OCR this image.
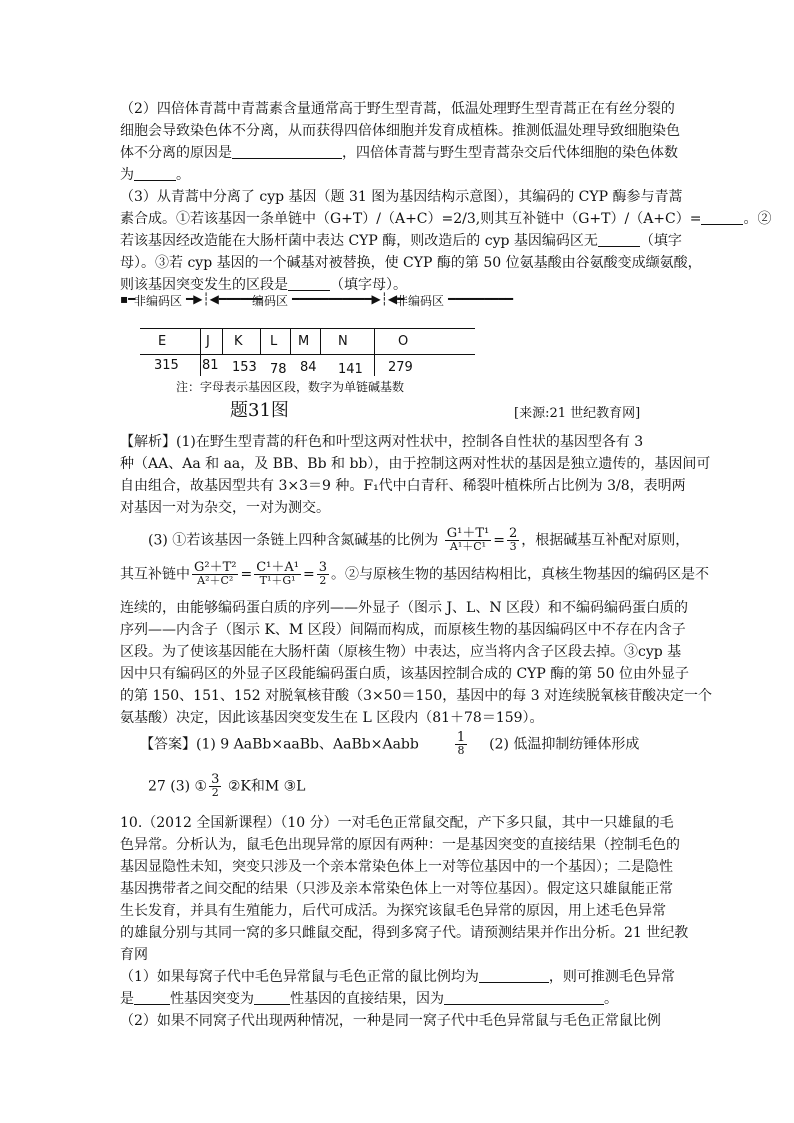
（2）四倍体青蒿中青蒿素含量通常高于野生型青蒿，低温处理野生型青蒿正在有丝分裂的
细胞会导致染色体不分离，从而获得四倍体细胞并发育成植株。推测低温处理导致细胞染色
体不分离的原因是	，四倍体青蒿与野生型青蒿杂交后代体细胞的染色体数
为	。
（3）从青蒿中分离了 cyp 基因（题 31 图为基因结构示意图），其编码的 CYP 酶参与青蒿
素合成。①若该基因一条单链中（G+T）/（A+C）=2/3,则其互补链中（G+T）/（A+C）=	。②
若该基因经改造能在大肠杆菌中表达 CYP 酶，则改造后的 cyp 基因编码区无	（填字
母）。③若 cyp 基因的一个碱基对被替换，使 CYP 酶的第 50 位氨基酸由谷氨酸变成缬氨酸，
则该基因突变发生的区段是	（填字母）。
▪━
非编码区 ━▶┆◀━━━━━━
编码区 ━━━━━━━━━━━▶┆◀━
非编码区 ━━━━━━━━━
E	J K L M N	O
315 81 153 78 84 141 279
注：字母表示基因区段，数字为单链碱基数
题31图	[来源:21 世纪教育网]
【解析】(1)在野生型青蒿的秆色和叶型这两对性状中，控制各自性状的基因型各有 3
种（AA、Aa 和 aa，及 BB、Bb 和 bb），由于控制这两对性状的基因是独立遗传的，基因间可
自由组合，故基因型共有 3×3＝9 种。F₁代中白青秆、稀裂叶植株所占比例为 3/8，表明两
对基因一对为杂交，一对为测交。
(3) ①若该基因一条链上四种含氮碱基的比例为 $\frac{\text{G¹＋T¹}}{\text{A¹＋C¹}} = \frac{2}{3}$ ，根据碱基互补配对原则，
其互补链中 $\frac{\text{G²＋T²}}{\text{A²＋C²}} = \frac{\text{C¹＋A¹}}{\text{T¹＋G¹}} = \frac{3}{2}$ 。②与原核生物的基因结构相比，真核生物基因的编码区是不
连续的，由能够编码蛋白质的序列——外显子（图示 J、L、N 区段）和不编码编码蛋白质的
序列——内含子（图示 K、M 区段）间隔而构成，而原核生物的基因编码区中不存在内含子
区段。为了使该基因能在大肠杆菌（原核生物）中表达，应当将内含子区段去掉。③cyp 基
因中只有编码区的外显子区段能编码蛋白质，该基因控制合成的 CYP 酶的第 50 位由外显子
的第 150、151、152 对脱氧核苷酸（3×50＝150，基因中的每 3 对连续脱氧核苷酸决定一个
氨基酸）决定，因此该基因突变发生在 L 区段内（81＋78＝159）。
【答案】(1) 9 AaBb×aaBb、AaBb×Aabb	$\frac{1}{8} (2)$ 低温抑制纺锤体形成
27 (3) ① $\frac{3}{2}$ ②K和M ③L
10.（2012 全国新课程）（10 分）一对毛色正常鼠交配，产下多只鼠，其中一只雄鼠的毛
色异常。分析认为，鼠毛色出现异常的原因有两种：一是基因突变的直接结果（控制毛色的
基因显隐性未知，突变只涉及一个亲本常染色体上一对等位基因中的一个基因）；二是隐性
基因携带者之间交配的结果（只涉及亲本常染色体上一对等位基因）。假定这只雄鼠能正常
生长发育，并具有生殖能力，后代可成活。为探究该鼠毛色异常的原因，用上述毛色异常
的雄鼠分别与其同一窝的多只雌鼠交配，得到多窝子代。请预测结果并作出分析。21 世纪教
育网
（1）如果每窝子代中毛色异常鼠与毛色正常的鼠比例均为	，则可推测毛色异常
是	性基因突变为	性基因的直接结果，因为	。
（2）如果不同窝子代出现两种情况，一种是同一窝子代中毛色异常鼠与毛色正常鼠比例
